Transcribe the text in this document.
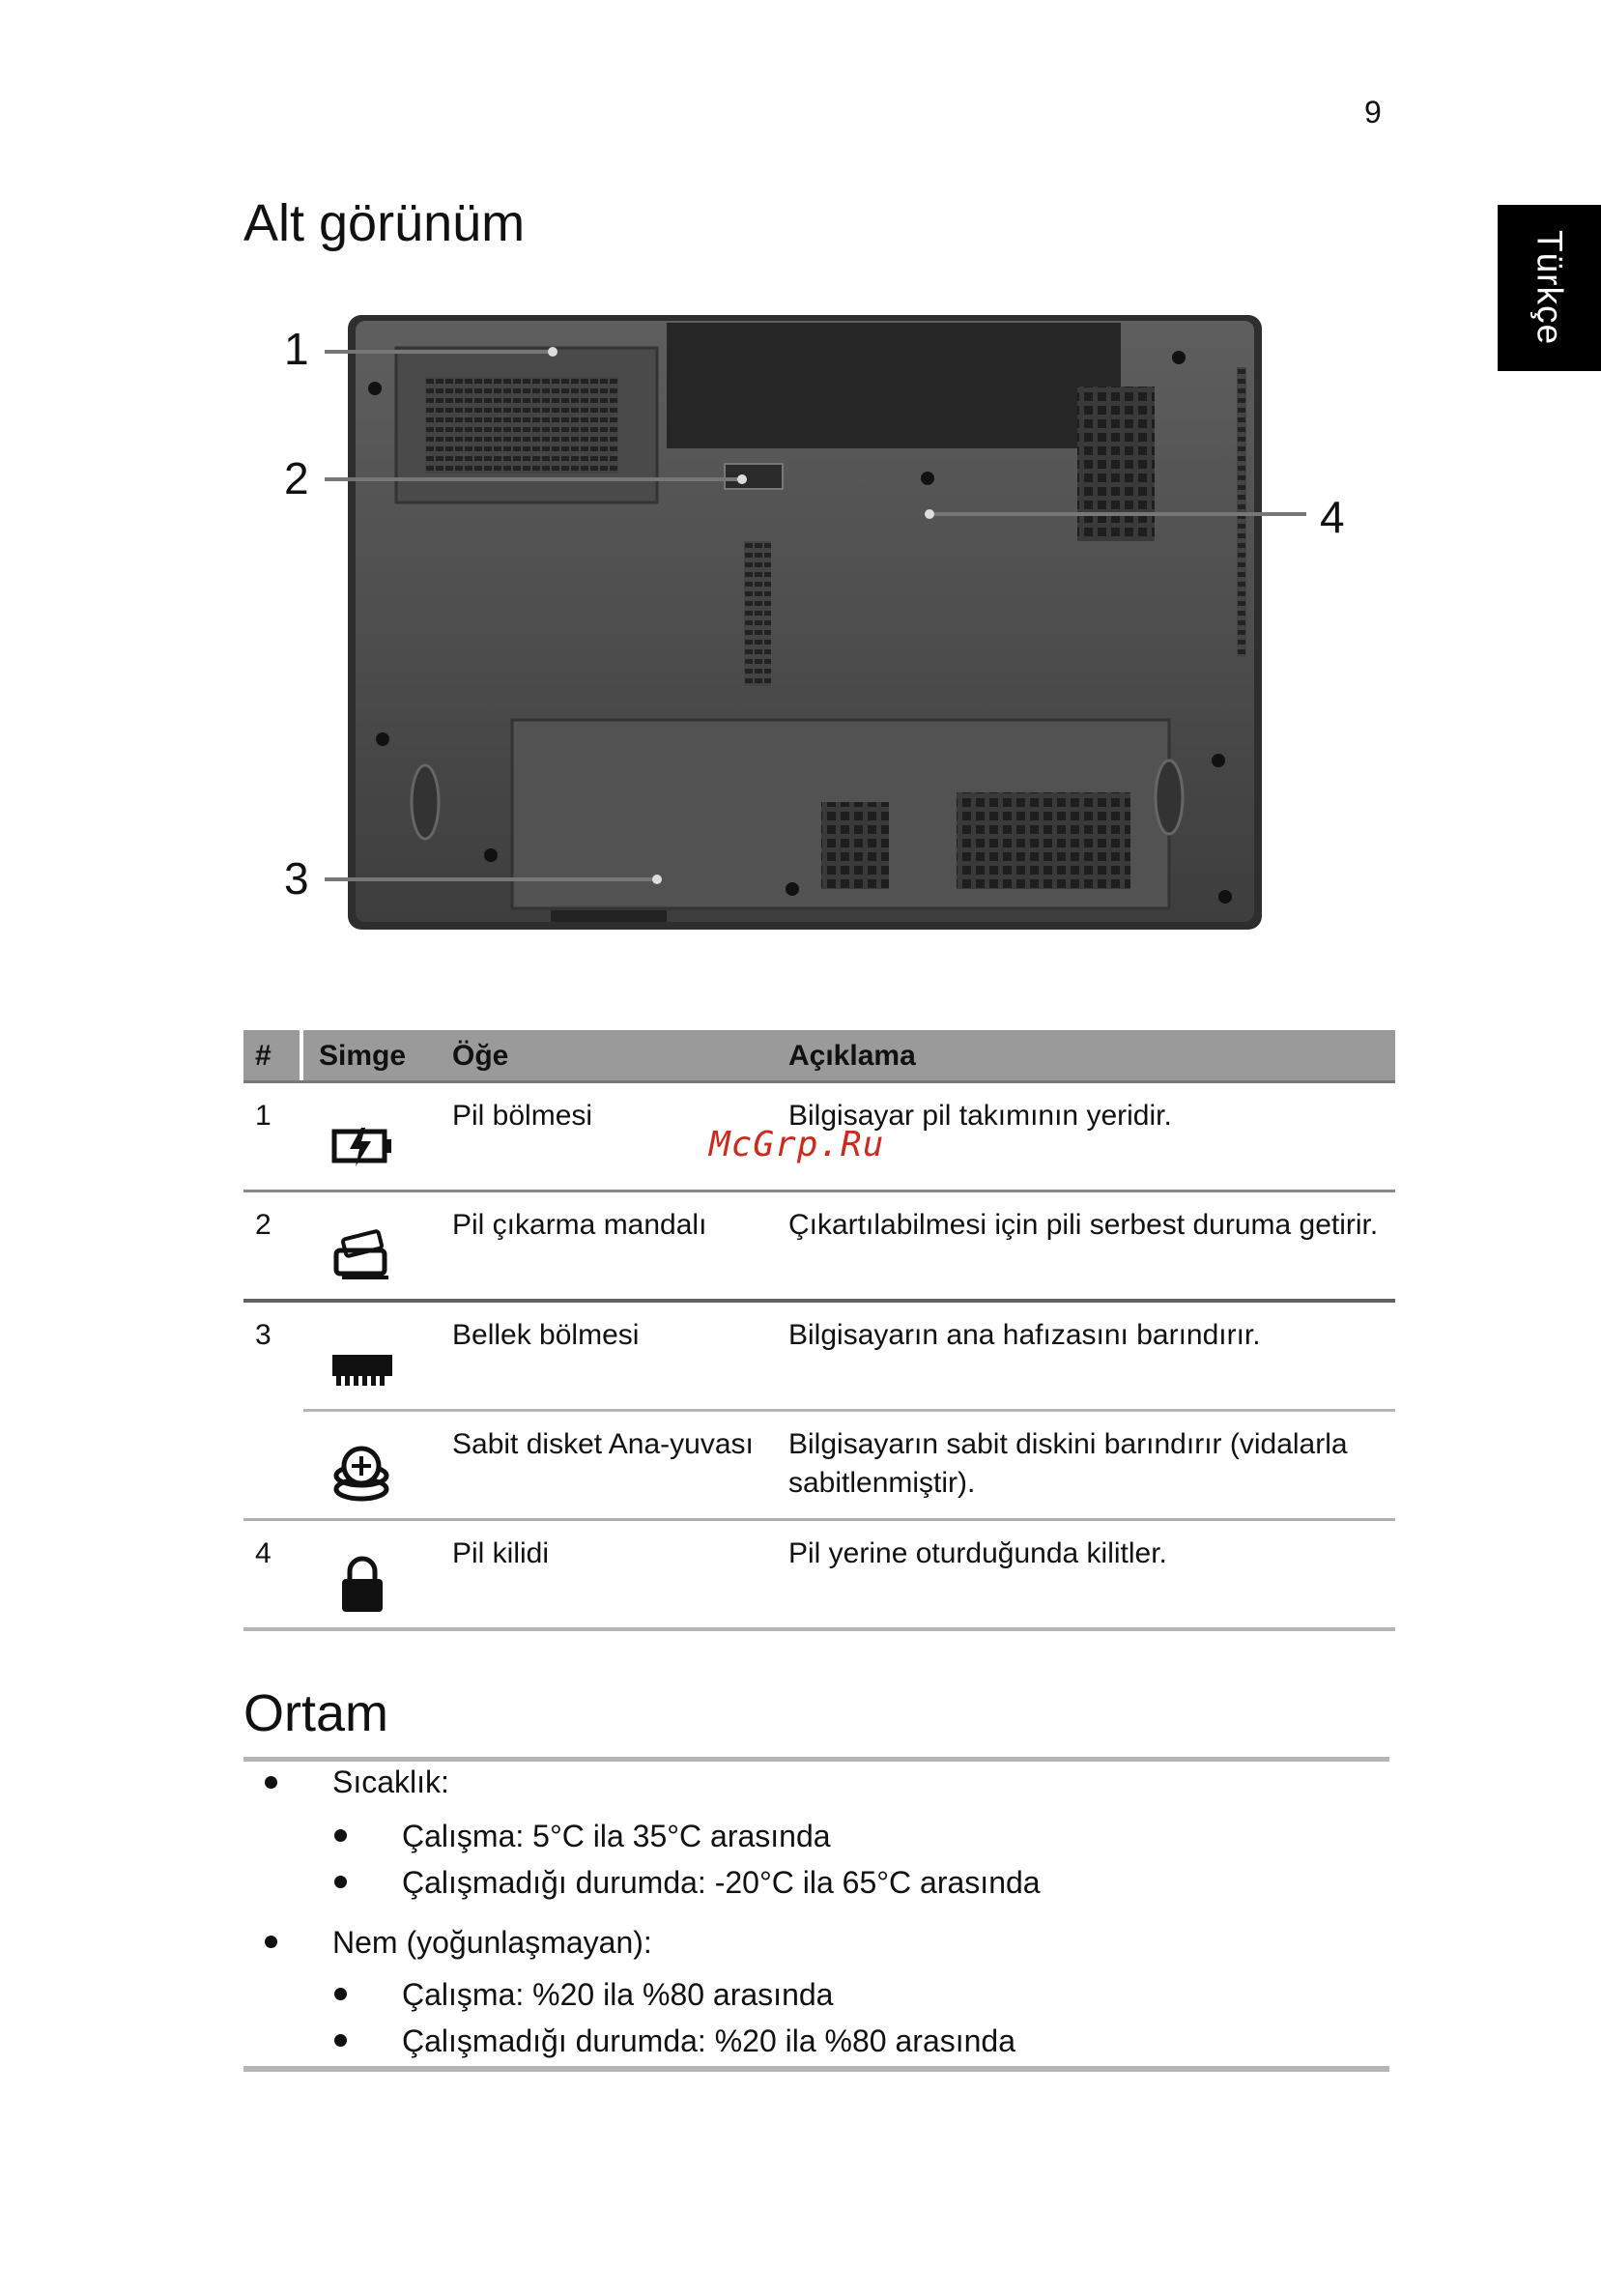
9
Türkçe
Alt görünüm
1
2
3
4
# Simge Öğe	Açıklama
1	Pil bölmesi	Bilgisayar pil takımının yeridir.
2	Pil çıkarma mandalı	Çıkartılabilmesi için pili serbest duruma getirir.
3	Bellek bölmesi	Bilgisayarın ana hafızasını barındırır.
Sabit disket Ana-yuvası	Bilgisayarın sabit diskini barındırır (vidalarla sabitlenmiştir).
4	Pil kilidi	Pil yerine oturduğunda kilitler.
McGrp.Ru
Ortam
Sıcaklık:
Çalışma: 5°C ila 35°C arasında
Çalışmadığı durumda: -20°C ila 65°C arasında
Nem (yoğunlaşmayan):
Çalışma: %20 ila %80 arasında
Çalışmadığı durumda: %20 ila %80 arasında
